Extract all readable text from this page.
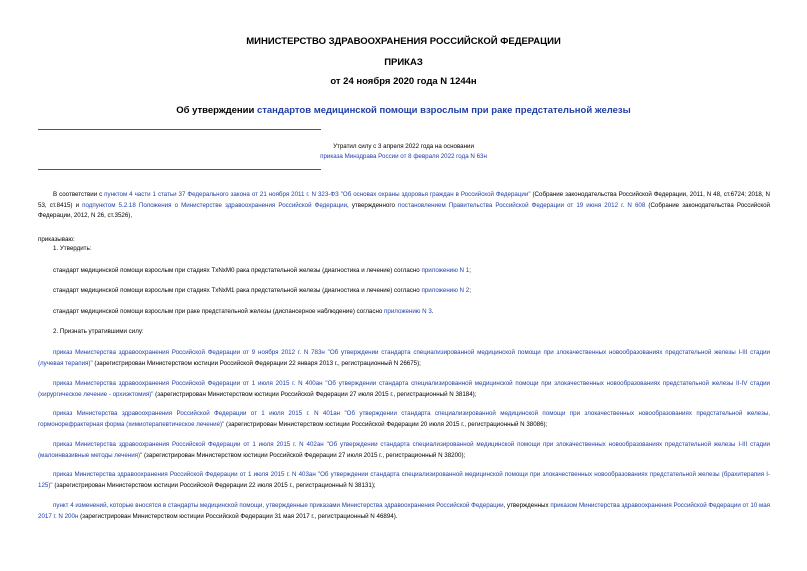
МИНИСТЕРСТВО ЗДРАВООХРАНЕНИЯ РОССИЙСКОЙ ФЕДЕРАЦИИ
ПРИКАЗ
от 24 ноября 2020 года N 1244н
Об утверждении стандартов медицинской помощи взрослым при раке предстательной железы
Утратил силу с 3 апреля 2022 года на основании
приказа Минздрава России от 8 февраля 2022 года N 63н
В соответствии с пунктом 4 части 1 статьи 37 Федерального закона от 21 ноября 2011 г. N 323-ФЗ "Об основах охраны здоровья граждан в Российской Федерации" (Собрание законодательства Российской Федерации, 2011, N 48, ст.6724; 2018, N 53, ст.8415) и подпунктом 5.2.18 Положения о Министерстве здравоохранения Российской Федерации, утвержденного постановлением Правительства Российской Федерации от 19 июня 2012 г. N 608 (Собрание законодательства Российской Федерации, 2012, N 26, ст.3526),
приказываю:
1. Утвердить:
стандарт медицинской помощи взрослым при стадиях TxNxM0 рака предстательной железы (диагностика и лечение) согласно приложению N 1;
стандарт медицинской помощи взрослым при стадиях TxNxM1 рака предстательной железы (диагностика и лечение) согласно приложению N 2;
стандарт медицинской помощи взрослым при раке предстательной железы (диспансерное наблюдение) согласно приложению N 3.
2. Признать утратившими силу:
приказ Министерства здравоохранения Российской Федерации от 9 ноября 2012 г. N 783н "Об утверждении стандарта специализированной медицинской помощи при злокачественных новообразованиях предстательной железы I-III стадии (лучевая терапия)" (зарегистрирован Министерством юстиции Российской Федерации 22 января 2013 г., регистрационный N 26675);
приказ Министерства здравоохранения Российской Федерации от 1 июля 2015 г. N 400ан "Об утверждении стандарта специализированной медицинской помощи при злокачественных новообразованиях предстательной железы II-IV стадии (хирургическое лечение - орхиэктомия)" (зарегистрирован Министерством юстиции Российской Федерации 27 июля 2015 г., регистрационный N 38184);
приказ Министерства здравоохранения Российской Федерации от 1 июля 2015 г. N 401ан "Об утверждении стандарта специализированной медицинской помощи при злокачественных новообразованиях предстательной железы, гормонорефрактерная форма (химиотерапевтическое лечение)" (зарегистрирован Министерством юстиции Российской Федерации 20 июля 2015 г., регистрационный N 38086);
приказ Министерства здравоохранения Российской Федерации от 1 июля 2015 г. N 402ан "Об утверждении стандарта специализированной медицинской помощи при злокачественных новообразованиях предстательной железы I-III стадии (малоинвазивные методы лечения)" (зарегистрирован Министерством юстиции Российской Федерации 27 июля 2015 г., регистрационный N 38200);
приказ Министерства здравоохранения Российской Федерации от 1 июля 2015 г. N 403ан "Об утверждении стандарта специализированной медицинской помощи при злокачественных новообразованиях предстательной железы (брахитерапия I-125)" (зарегистрирован Министерством юстиции Российской Федерации 22 июля 2015 г., регистрационный N 38131);
пункт 4 изменений, которые вносятся в стандарты медицинской помощи, утвержденные приказами Министерства здравоохранения Российской Федерации, утвержденных приказом Министерства здравоохранения Российской Федерации от 10 мая 2017 г. N 200н (зарегистрирован Министерством юстиции Российской Федерации 31 мая 2017 г., регистрационный N 46894).
